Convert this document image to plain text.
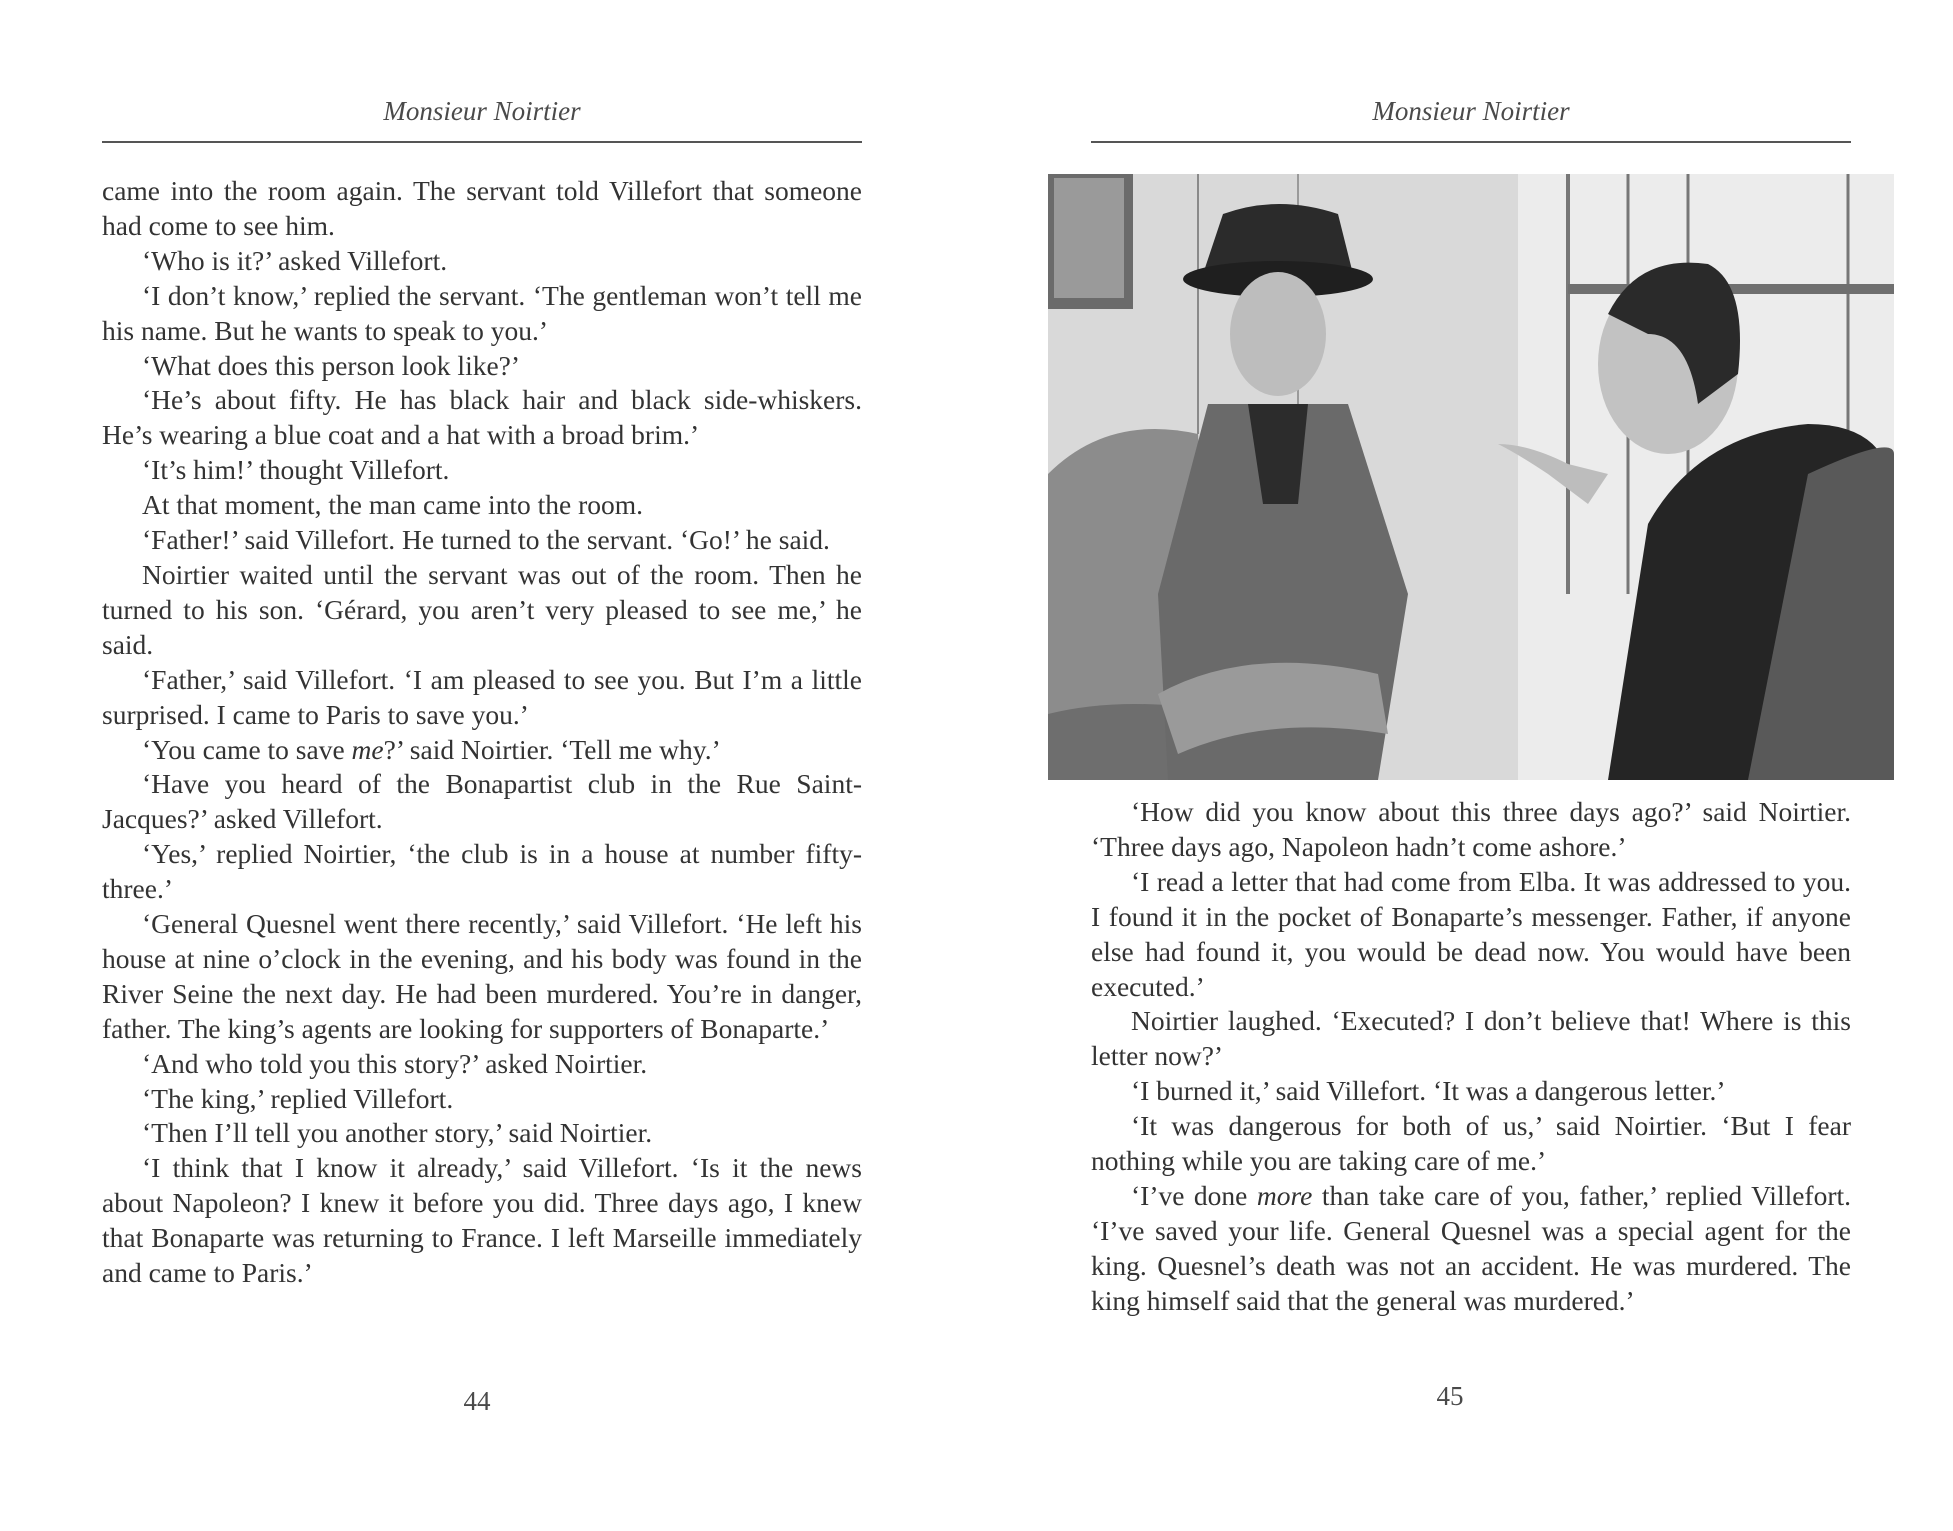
Monsieur Noirtier

came into the room again. The servant told Villefort that someone had come to see him.

‘Who is it?’ asked Villefort.

‘I don’t know,’ replied the servant. ‘The gentleman won’t tell me his name. But he wants to speak to you.’

‘What does this person look like?’

‘He’s about fifty. He has black hair and black side-whiskers. He’s wearing a blue coat and a hat with a broad brim.’

‘It’s him!’ thought Villefort.

At that moment, the man came into the room.

‘Father!’ said Villefort. He turned to the servant. ‘Go!’ he said.

Noirtier waited until the servant was out of the room. Then he turned to his son. ‘Gérard, you aren’t very pleased to see me,’ he said.

‘Father,’ said Villefort. ‘I am pleased to see you. But I’m a little surprised. I came to Paris to save you.’

‘You came to save me?’ said Noirtier. ‘Tell me why.’

‘Have you heard of the Bonapartist club in the Rue Saint-Jacques?’ asked Villefort.

‘Yes,’ replied Noirtier, ‘the club is in a house at number fifty-three.’

‘General Quesnel went there recently,’ said Villefort. ‘He left his house at nine o’clock in the evening, and his body was found in the River Seine the next day. He had been murdered. You’re in danger, father. The king’s agents are looking for supporters of Bonaparte.’

‘And who told you this story?’ asked Noirtier.

‘The king,’ replied Villefort.

‘Then I’ll tell you another story,’ said Noirtier.

‘I think that I know it already,’ said Villefort. ‘Is it the news about Napoleon? I knew it before you did. Three days ago, I knew that Bonaparte was returning to France. I left Marseille immediately and came to Paris.’

44
Monsieur Noirtier

‘How did you know about this three days ago?’ said Noirtier. ‘Three days ago, Napoleon hadn’t come ashore.’

‘I read a letter that had come from Elba. It was addressed to you. I found it in the pocket of Bonaparte’s messenger. Father, if anyone else had found it, you would be dead now. You would have been executed.’

Noirtier laughed. ‘Executed? I don’t believe that! Where is this letter now?’

‘I burned it,’ said Villefort. ‘It was a dangerous letter.’

‘It was dangerous for both of us,’ said Noirtier. ‘But I fear nothing while you are taking care of me.’

‘I’ve done more than take care of you, father,’ replied Villefort. ‘I’ve saved your life. General Quesnel was a special agent for the king. Quesnel’s death was not an accident. He was murdered. The king himself said that the general was murdered.’

45
